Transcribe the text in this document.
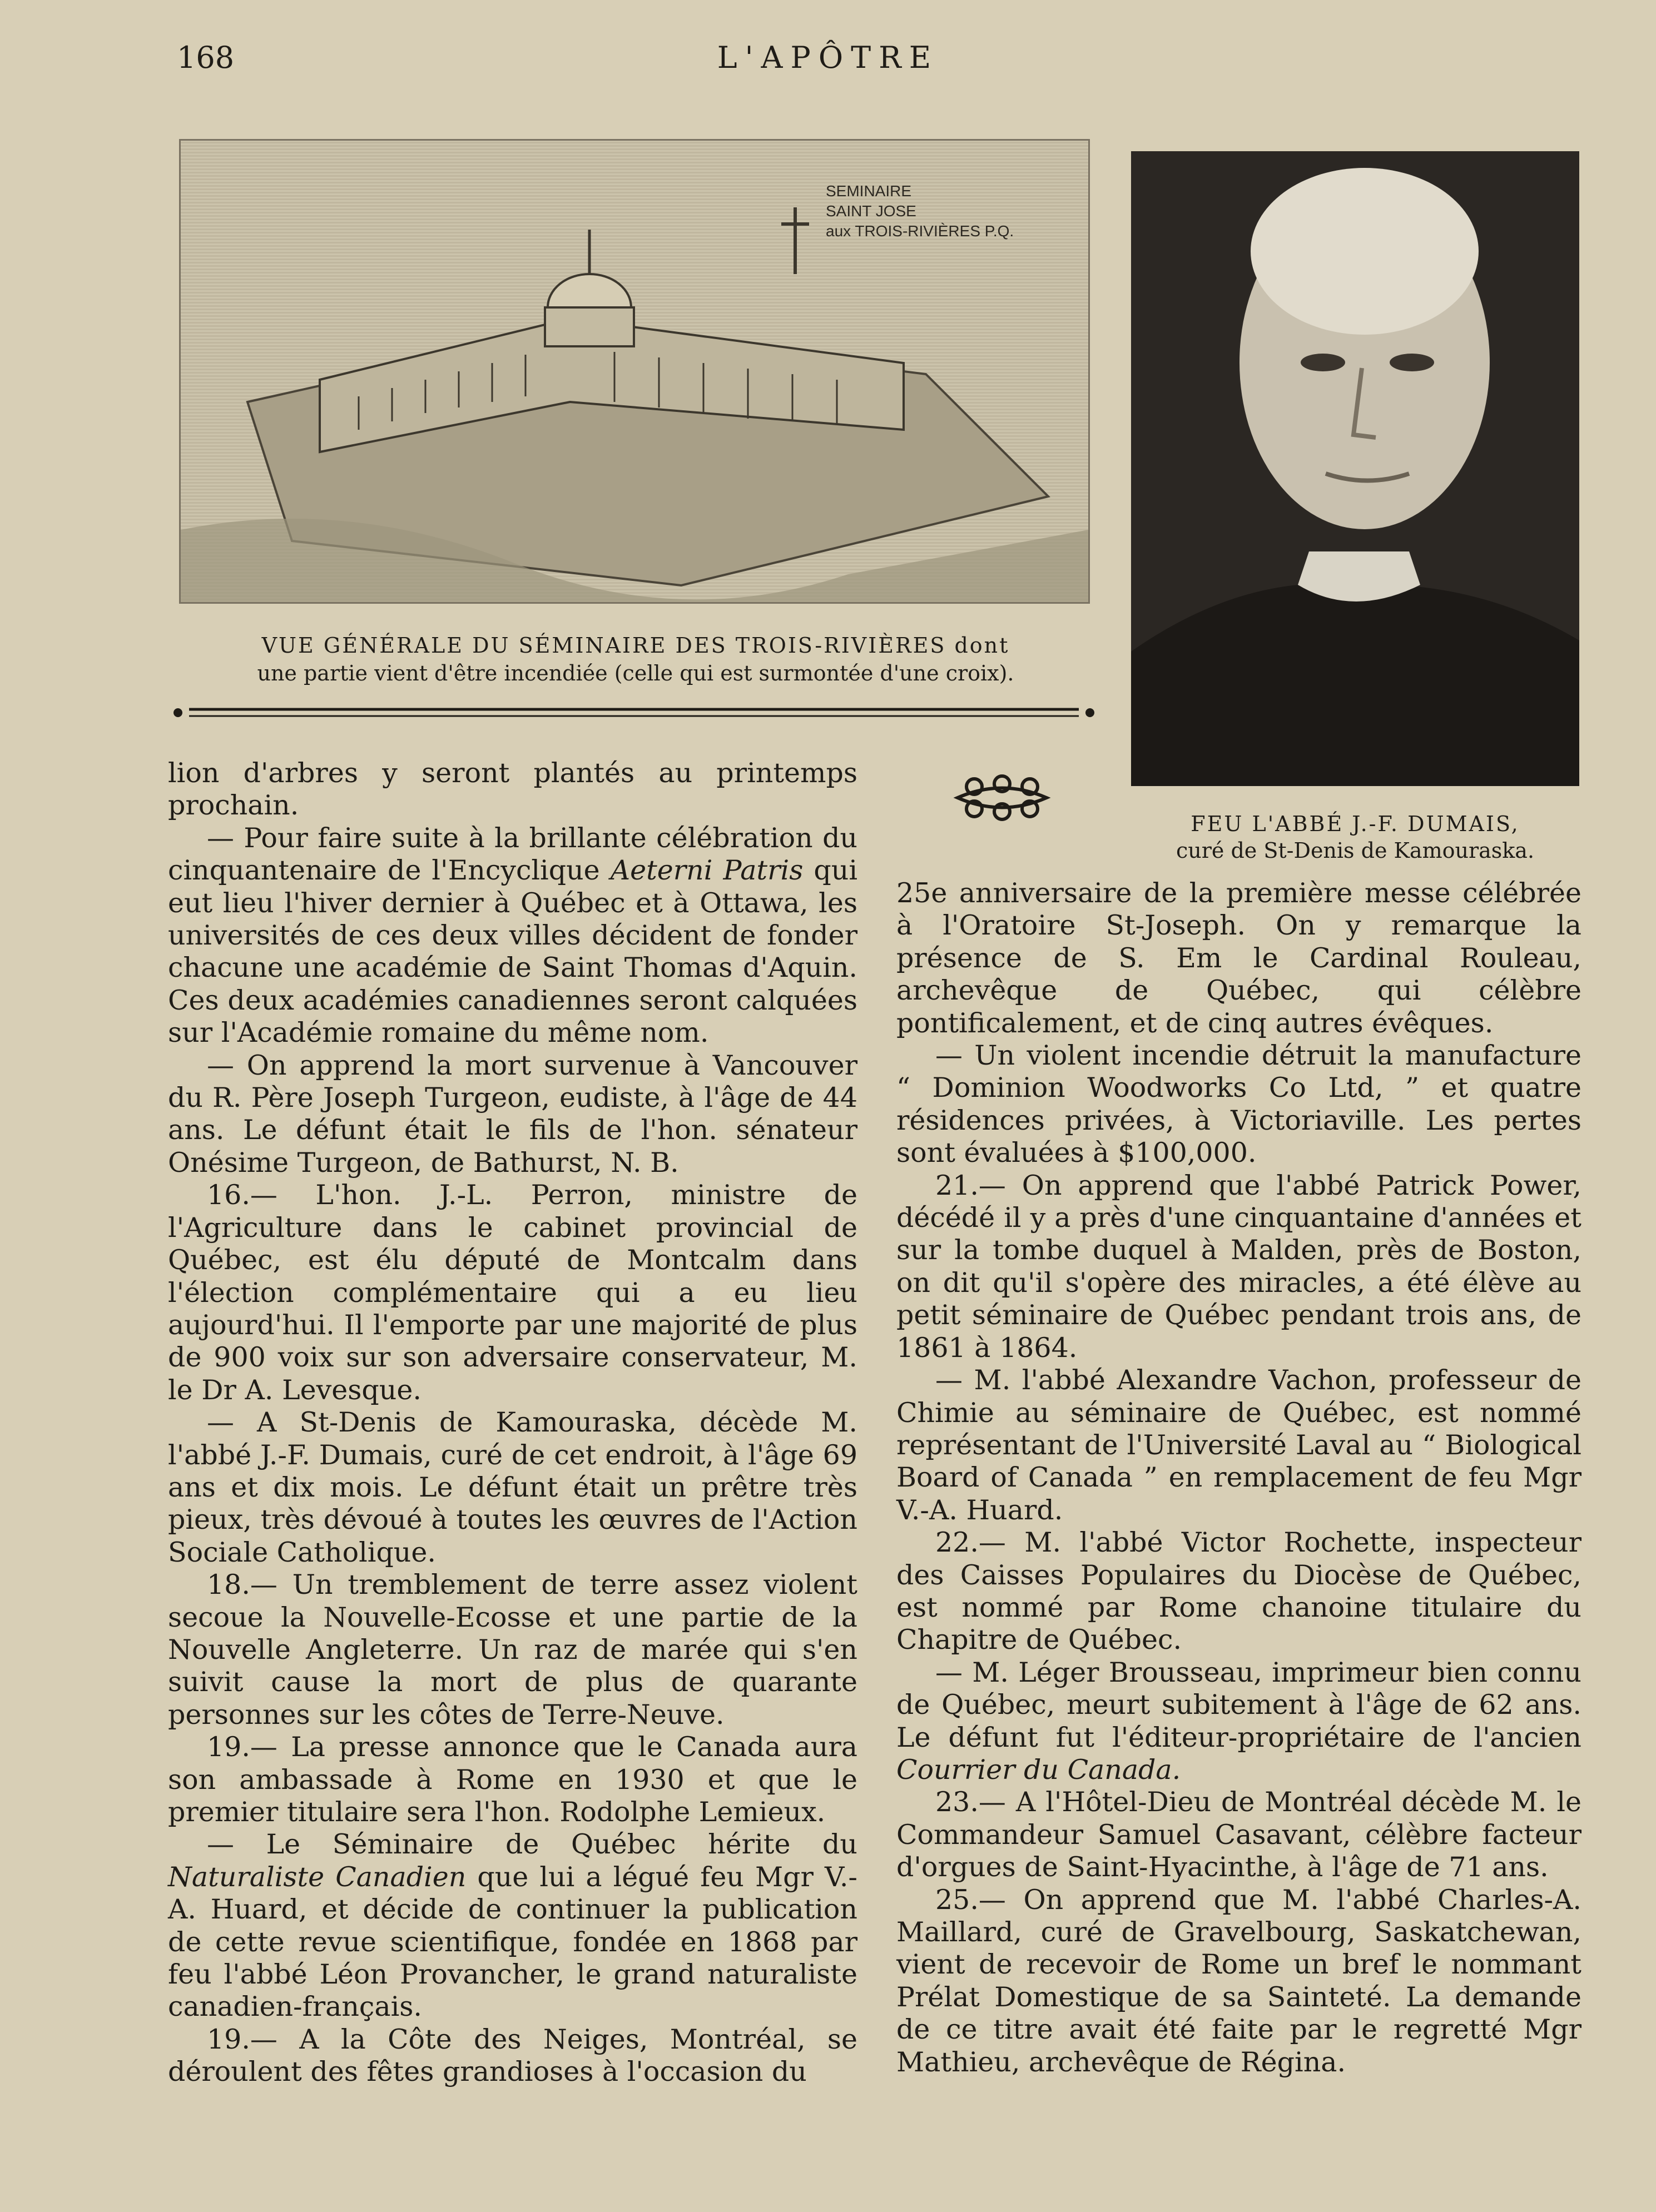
168	L'APÔTRE
SEMINAIRE SAINT JOSE aux TROIS-RIVIÈRES P.Q.
VUE GÉNÉRALE DU SÉMINAIRE DES TROIS-RIVIÈRES dont
une partie vient d'être incendiée (celle qui est surmontée d'une croix).
FEU L'ABBÉ J.-F. DUMAIS,
curé de St-Denis de Kamouraska.

lion d'arbres y seront plantés au printemps prochain.

— Pour faire suite à la brillante célébration du cinquantenaire de l'Encyclique Aeterni Patris qui eut lieu l'hiver dernier à Québec et à Ottawa, les universités de ces deux villes décident de fonder chacune une académie de Saint Thomas d'Aquin. Ces deux académies canadiennes seront calquées sur l'Académie romaine du même nom.

— On apprend la mort survenue à Vancouver du R. Père Joseph Turgeon, eudiste, à l'âge de 44 ans. Le défunt était le fils de l'hon. sénateur Onésime Turgeon, de Bathurst, N. B.

16.— L'hon. J.-L. Perron, ministre de l'Agriculture dans le cabinet provincial de Québec, est élu député de Montcalm dans l'élection complémentaire qui a eu lieu aujourd'hui. Il l'emporte par une majorité de plus de 900 voix sur son adversaire conservateur, M. le Dr A. Levesque.

— A St-Denis de Kamouraska, décède M. l'abbé J.-F. Dumais, curé de cet endroit, à l'âge 69 ans et dix mois. Le défunt était un prêtre très pieux, très dévoué à toutes les œuvres de l'Action Sociale Catholique.

18.— Un tremblement de terre assez violent secoue la Nouvelle-Ecosse et une partie de la Nouvelle Angleterre. Un raz de marée qui s'en suivit cause la mort de plus de quarante personnes sur les côtes de Terre-Neuve.

19.— La presse annonce que le Canada aura son ambassade à Rome en 1930 et que le premier titulaire sera l'hon. Rodolphe Lemieux.

— Le Séminaire de Québec hérite du Naturaliste Canadien que lui a légué feu Mgr V.-A. Huard, et décide de continuer la publication de cette revue scientifique, fondée en 1868 par feu l'abbé Léon Provancher, le grand naturaliste canadien-français.

19.— A la Côte des Neiges, Montréal, se déroulent des fêtes grandioses à l'occasion du

25e anniversaire de la première messe célébrée à l'Oratoire St-Joseph. On y remarque la présence de S. Em le Cardinal Rouleau, archevêque de Québec, qui célèbre pontificalement, et de cinq autres évêques.

— Un violent incendie détruit la manufacture “ Dominion Woodworks Co Ltd, ” et quatre résidences privées, à Victoriaville. Les pertes sont évaluées à $100,000.

21.— On apprend que l'abbé Patrick Power, décédé il y a près d'une cinquantaine d'années et sur la tombe duquel à Malden, près de Boston, on dit qu'il s'opère des miracles, a été élève au petit séminaire de Québec pendant trois ans, de 1861 à 1864.

— M. l'abbé Alexandre Vachon, professeur de Chimie au séminaire de Québec, est nommé représentant de l'Université Laval au “ Biological Board of Canada ” en remplacement de feu Mgr V.-A. Huard.

22.— M. l'abbé Victor Rochette, inspecteur des Caisses Populaires du Diocèse de Québec, est nommé par Rome chanoine titulaire du Chapitre de Québec.

— M. Léger Brousseau, imprimeur bien connu de Québec, meurt subitement à l'âge de 62 ans. Le défunt fut l'éditeur-propriétaire de l'ancien Courrier du Canada.

23.— A l'Hôtel-Dieu de Montréal décède M. le Commandeur Samuel Casavant, célèbre facteur d'orgues de Saint-Hyacinthe, à l'âge de 71 ans.

25.— On apprend que M. l'abbé Charles-A. Maillard, curé de Gravelbourg, Saskatchewan, vient de recevoir de Rome un bref le nommant Prélat Domestique de sa Sainteté. La demande de ce titre avait été faite par le regretté Mgr Mathieu, archevêque de Régina.
